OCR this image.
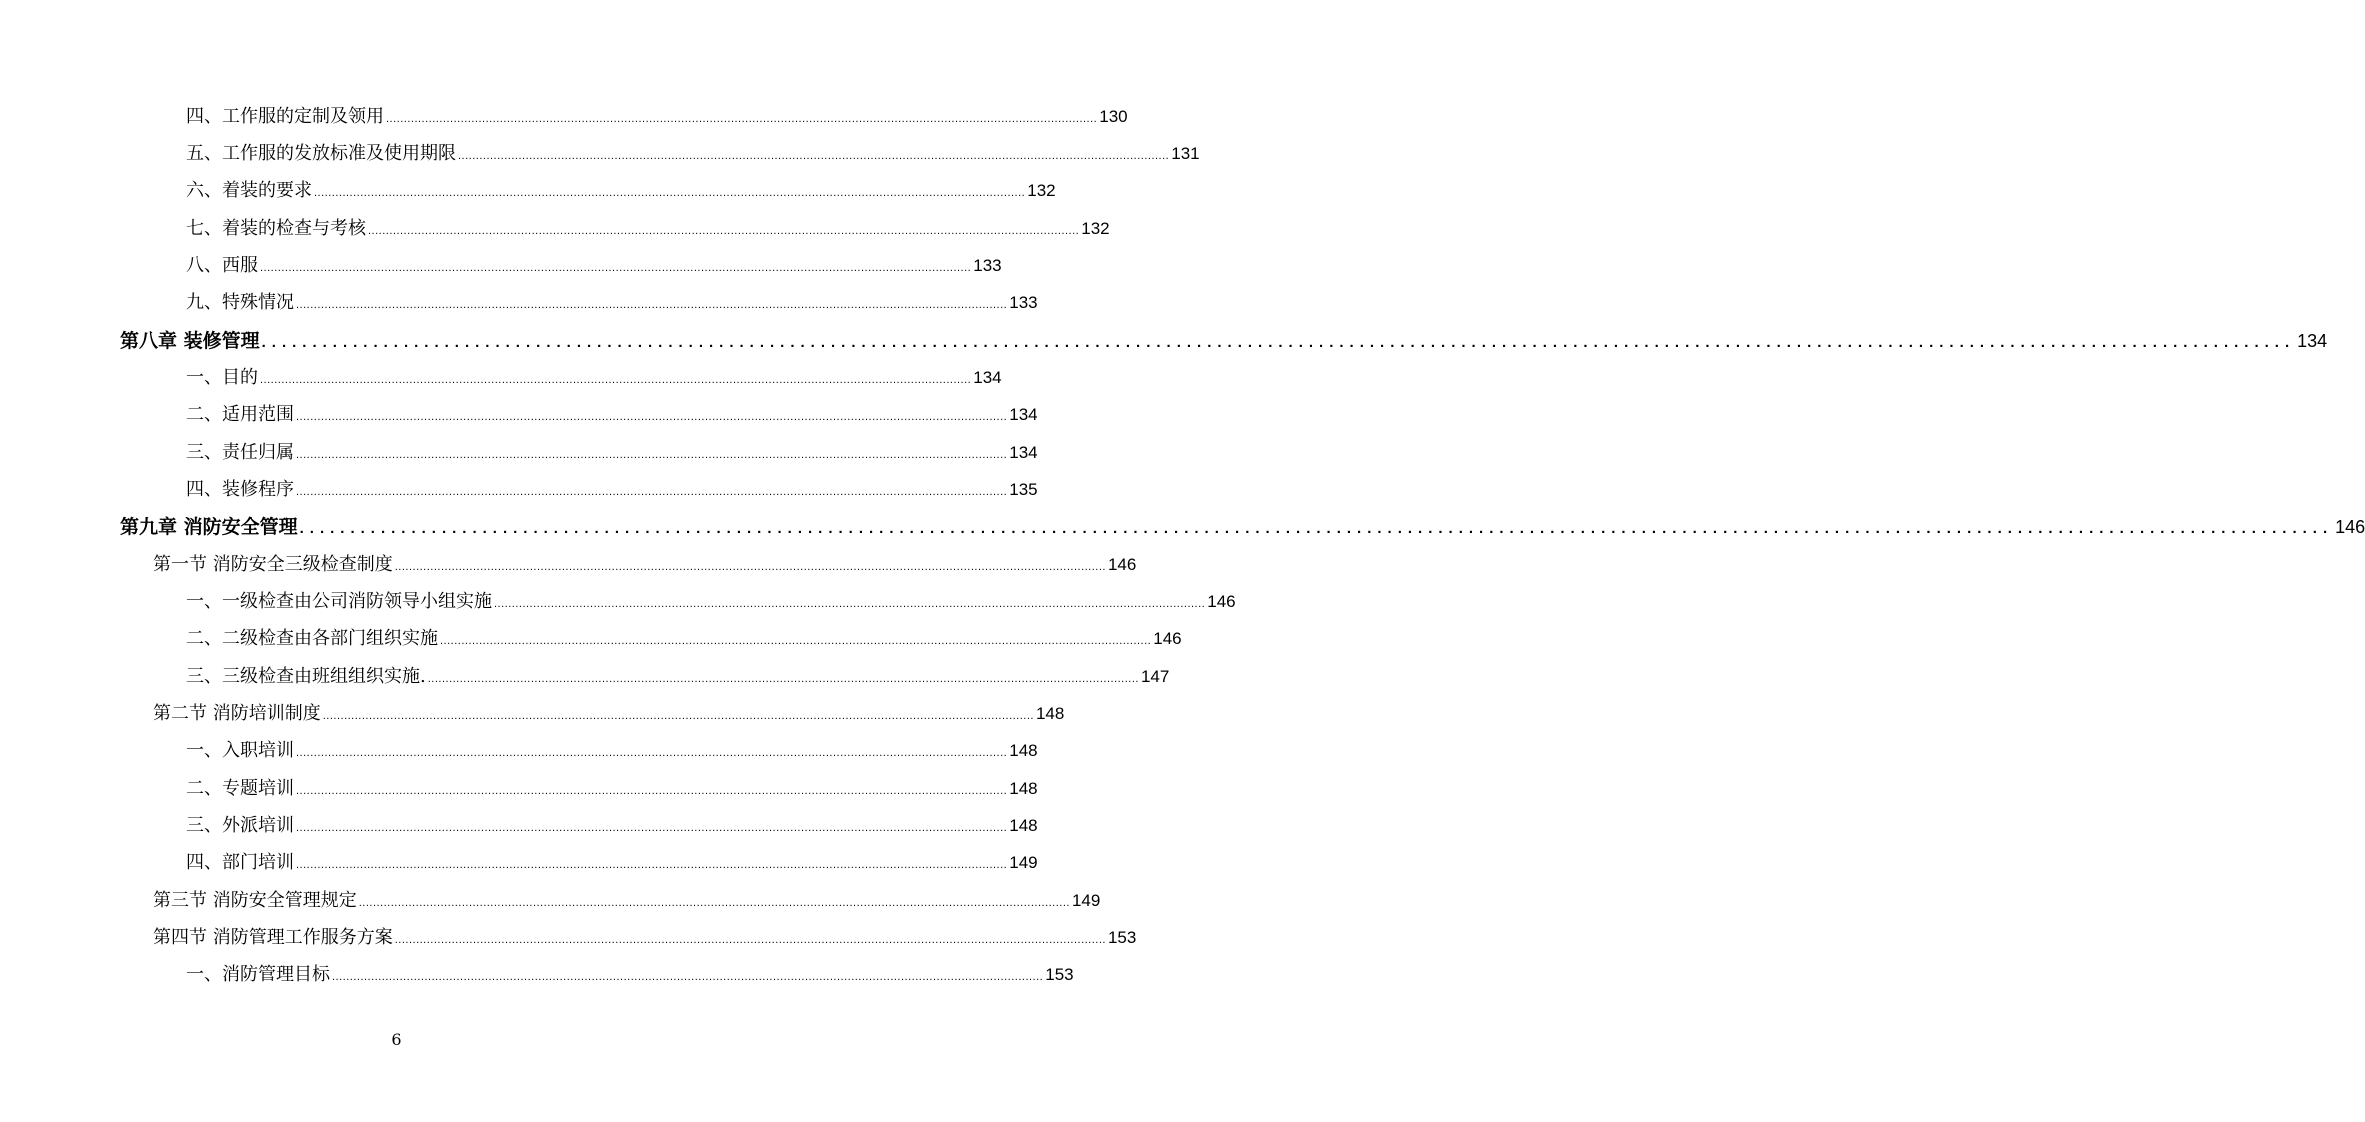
四、工作服的定制及领用 ........................................................................................................................................................................................................ 130
五、工作服的发放标准及使用期限 ........................................................................................................................................................................................................ 131
六、着装的要求 ........................................................................................................................................................................................................ 132
七、着装的检查与考核 ........................................................................................................................................................................................................ 132
八、西服 ........................................................................................................................................................................................................ 133
九、特殊情况 ........................................................................................................................................................................................................ 133
第八章 装修管理 ........................................................................................................................................................................................................ 134
一、目的 ........................................................................................................................................................................................................ 134
二、适用范围 ........................................................................................................................................................................................................ 134
三、责任归属 ........................................................................................................................................................................................................ 134
四、装修程序 ........................................................................................................................................................................................................ 135
第九章 消防安全管理 ........................................................................................................................................................................................................ 146
第一节 消防安全三级检查制度 ........................................................................................................................................................................................................ 146
一、一级检查由公司消防领导小组实施 ........................................................................................................................................................................................................ 146
二、二级检查由各部门组织实施 ........................................................................................................................................................................................................ 146
三、三级检查由班组组织实施. ........................................................................................................................................................................................................ 147
第二节 消防培训制度 ........................................................................................................................................................................................................ 148
一、入职培训 ........................................................................................................................................................................................................ 148
二、专题培训 ........................................................................................................................................................................................................ 148
三、外派培训 ........................................................................................................................................................................................................ 148
四、部门培训 ........................................................................................................................................................................................................ 149
第三节 消防安全管理规定 ........................................................................................................................................................................................................ 149
第四节 消防管理工作服务方案 ........................................................................................................................................................................................................ 153
一、消防管理目标 ........................................................................................................................................................................................................ 153
6
